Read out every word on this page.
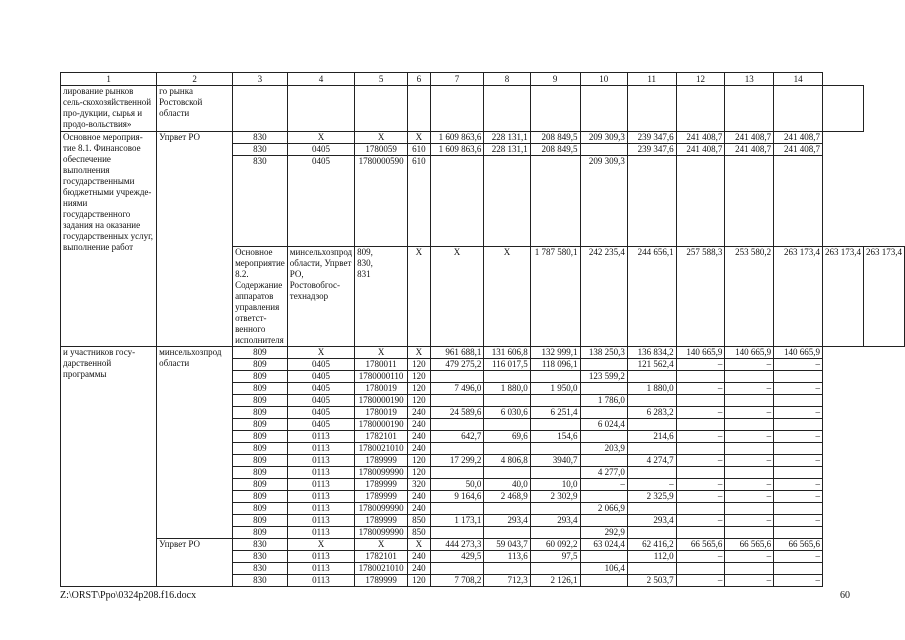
1	2	3	4	5	6	7	8	9	10	11	12	13	14		
лирование рынков сель-скохозяйственной про-дукции, сырья и продо-вольствия»	го рынка Ростовской области														
Основное мероприя-тие 8.1. Финансовое обеспечение выполнения государственными бюджетными учрежде-ниями государственного задания на оказание государственных услуг, выполнение работ	Упрвет РО	830	Х	Х	Х	1 609 863,6	228 131,1	208 849,5	209 309,3	239 347,6	241 408,7	241 408,7	241 408,7		
		830	0405	1780059	610	1 609 863,6	228 131,1	208 849,5		239 347,6	241 408,7	241 408,7	241 408,7		
		830	0405	1780000590	610				209 309,3						
		Основное мероприятие 8.2. Содержание аппаратов управления ответст-венного исполнителя	минсельхозпрод области, Упрвет РО, Ростовобгос-технадзор	809,
830,
831	Х	Х	Х	1 787 580,1	242 235,4	244 656,1	257 588,3	253 580,2	263 173,4	263 173,4	263 173,4
и участников госу-дарственной программы	минсельхозпрод области	809	Х	Х	Х	961 688,1	131 606,8	132 999,1	138 250,3	136 834,2	140 665,9	140 665,9	140 665,9		
		809	0405	1780011	120	479 275,2	116 017,5	118 096,1		121 562,4	–	–	–		
		809	0405	1780000110	120				123 599,2						
		809	0405	1780019	120	7 496,0	1 880,0	1 950,0		1 880,0	–	–	–		
		809	0405	1780000190	120				1 786,0						
		809	0405	1780019	240	24 589,6	6 030,6	6 251,4		6 283,2	–	–	–		
		809	0405	1780000190	240				6 024,4						
		809	0113	1782101	240	642,7	69,6	154,6		214,6	–	–	–		
		809	0113	1780021010	240				203,9						
		809	0113	1789999	120	17 299,2	4 806,8	3940,7		4 274,7	–	–	–		
		809	0113	1780099990	120				4 277,0						
		809	0113	1789999	320	50,0	40,0	10,0	–	–	–	–	–		
		809	0113	1789999	240	9 164,6	2 468,9	2 302,9		2 325,9	–	–	–		
		809	0113	1780099990	240				2 066,9						
		809	0113	1789999	850	1 173,1	293,4	293,4		293,4	–	–	–		
		809	0113	1780099990	850				292,9						
	Упрвет РО	830	Х	Х	Х	444 273,3	59 043,7	60 092,2	63 024,4	62 416,2	66 565,6	66 565,6	66 565,6		
		830	0113	1782101	240	429,5	113,6	97,5		112,0	–	–	–		
		830	0113	1780021010	240				106,4						
		830	0113	1789999	120	7 708,2	712,3	2 126,1		2 503,7	–	–	–		
Z:\ORST\Ppo\0324p208.f16.docx	60
